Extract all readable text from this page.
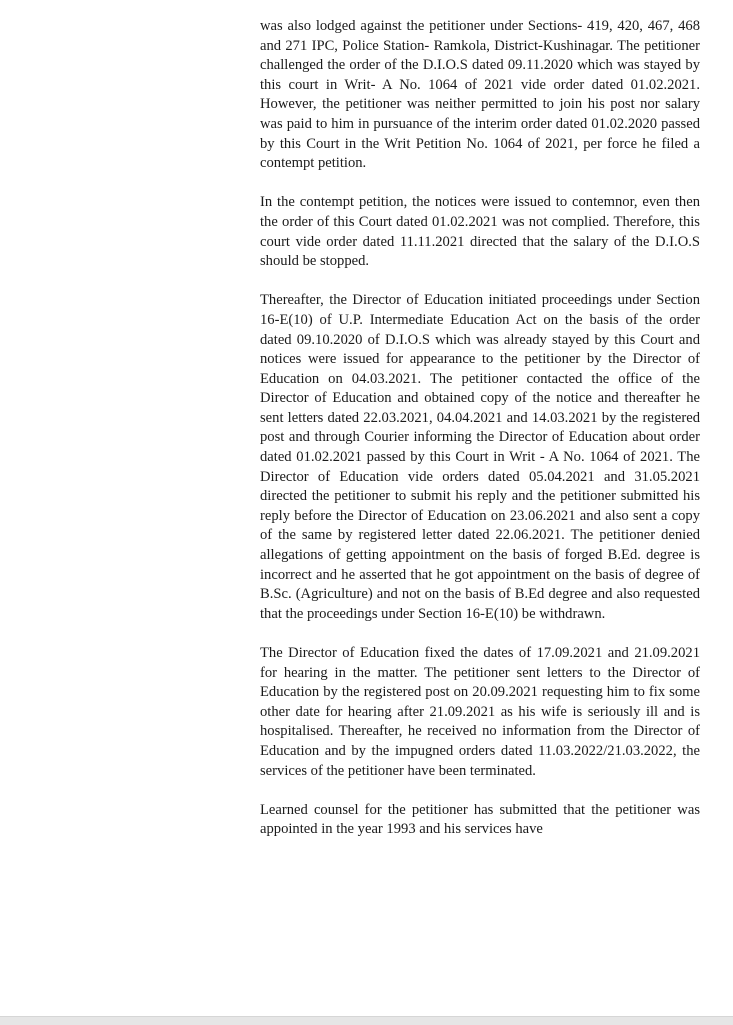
was also lodged against the petitioner under Sections- 419, 420, 467, 468 and 271 IPC, Police Station- Ramkola, District-Kushinagar. The petitioner challenged the order of the D.I.O.S dated 09.11.2020 which was stayed by this court in Writ- A No. 1064 of 2021 vide order dated 01.02.2021. However, the petitioner was neither permitted to join his post nor salary was paid to him in pursuance of the interim order dated 01.02.2020 passed by this Court in the Writ Petition No. 1064 of 2021, per force he filed a contempt petition.

In the contempt petition, the notices were issued to contemnor, even then the order of this Court dated 01.02.2021 was not complied. Therefore, this court vide order dated 11.11.2021 directed that the salary of the D.I.O.S should be stopped.

Thereafter, the Director of Education initiated proceedings under Section 16-E(10) of U.P. Intermediate Education Act on the basis of the order dated 09.10.2020 of D.I.O.S which was already stayed by this Court and notices were issued for appearance to the petitioner by the Director of Education on 04.03.2021. The petitioner contacted the office of the Director of Education and obtained copy of the notice and thereafter he sent letters dated 22.03.2021, 04.04.2021 and 14.03.2021 by the registered post and through Courier informing the Director of Education about order dated 01.02.2021 passed by this Court in Writ - A No. 1064 of 2021. The Director of Education vide orders dated 05.04.2021 and 31.05.2021 directed the petitioner to submit his reply and the petitioner submitted his reply before the Director of Education on 23.06.2021 and also sent a copy of the same by registered letter dated 22.06.2021. The petitioner denied allegations of getting appointment on the basis of forged B.Ed. degree is incorrect and he asserted that he got appointment on the basis of degree of B.Sc. (Agriculture) and not on the basis of B.Ed degree and also requested that the proceedings under Section 16-E(10) be withdrawn.

The Director of Education fixed the dates of 17.09.2021 and 21.09.2021 for hearing in the matter. The petitioner sent letters to the Director of Education by the registered post on 20.09.2021 requesting him to fix some other date for hearing after 21.09.2021 as his wife is seriously ill and is hospitalised. Thereafter, he received no information from the Director of Education and by the impugned orders dated 11.03.2022/21.03.2022, the services of the petitioner have been terminated.

Learned counsel for the petitioner has submitted that the petitioner was appointed in the year 1993 and his services have
